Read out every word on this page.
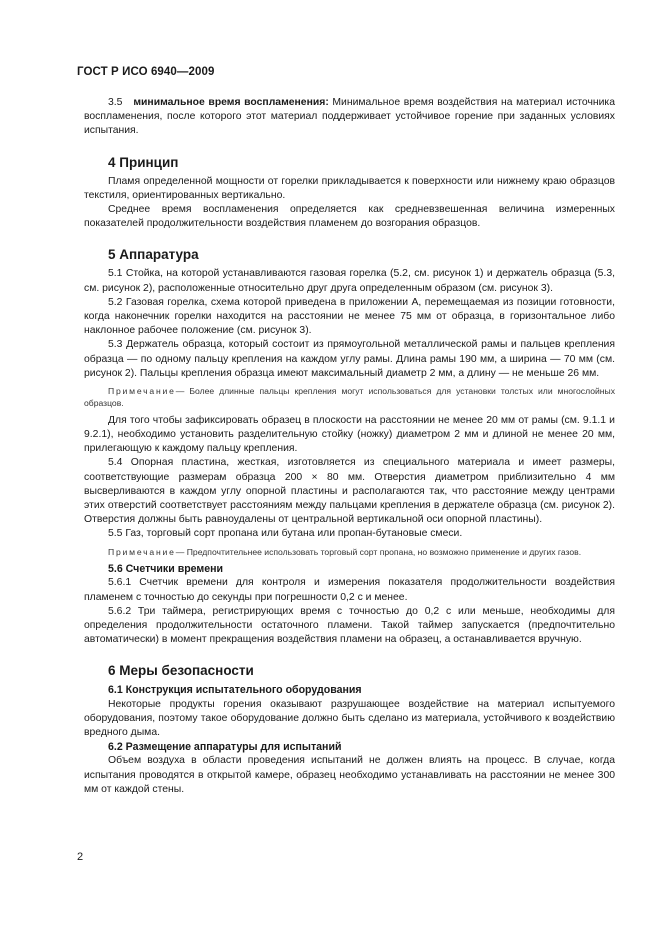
ГОСТ Р ИСО 6940—2009

3.5 минимальное время воспламенения: Минимальное время воздействия на материал источника воспламенения, после которого этот материал поддерживает устойчивое горение при заданных условиях испытания.

4 Принцип

Пламя определенной мощности от горелки прикладывается к поверхности или нижнему краю образцов текстиля, ориентированных вертикально.

Среднее время воспламенения определяется как средневзвешенная величина измеренных показателей продолжительности воздействия пламенем до возгорания образцов.

5 Аппаратура

5.1 Стойка, на которой устанавливаются газовая горелка (5.2, см. рисунок 1) и держатель образца (5.3, см. рисунок 2), расположенные относительно друг друга определенным образом (см. рисунок 3).

5.2 Газовая горелка, схема которой приведена в приложении А, перемещаемая из позиции готовности, когда наконечник горелки находится на расстоянии не менее 75 мм от образца, в горизонтальное либо наклонное рабочее положение (см. рисунок 3).

5.3 Держатель образца, который состоит из прямоугольной металлической рамы и пальцев крепления образца — по одному пальцу крепления на каждом углу рамы. Длина рамы 190 мм, а ширина — 70 мм (см. рисунок 2). Пальцы крепления образца имеют максимальный диаметр 2 мм, а длину — не меньше 26 мм.

Примечание— Более длинные пальцы крепления могут использоваться для установки толстых или многослойных образцов.

Для того чтобы зафиксировать образец в плоскости на расстоянии не менее 20 мм от рамы (см. 9.1.1 и 9.2.1), необходимо установить разделительную стойку (ножку) диаметром 2 мм и длиной не менее 20 мм, прилегающую к каждому пальцу крепления.

5.4 Опорная пластина, жесткая, изготовляется из специального материала и имеет размеры, соответствующие размерам образца 200 × 80 мм. Отверстия диаметром приблизительно 4 мм высверливаются в каждом углу опорной пластины и располагаются так, что расстояние между центрами этих отверстий соответствует расстояниям между пальцами крепления в держателе образца (см. рисунок 2). Отверстия должны быть равноудалены от центральной вертикальной оси опорной пластины).

5.5 Газ, торговый сорт пропана или бутана или пропан-бутановые смеси.

Примечание— Предпочтительнее использовать торговый сорт пропана, но возможно применение и других газов.

5.6 Счетчики времени

5.6.1 Счетчик времени для контроля и измерения показателя продолжительности воздействия пламенем с точностью до секунды при погрешности 0,2 с и менее.

5.6.2 Три таймера, регистрирующих время с точностью до 0,2 с или меньше, необходимы для определения продолжительности остаточного пламени. Такой таймер запускается (предпочтительно автоматически) в момент прекращения воздействия пламени на образец, а останавливается вручную.

6 Меры безопасности
6.1 Конструкция испытательного оборудования

Некоторые продукты горения оказывают разрушающее воздействие на материал испытуемого оборудования, поэтому такое оборудование должно быть сделано из материала, устойчивого к воздействию вредного дыма.

6.2 Размещение аппаратуры для испытаний

Объем воздуха в области проведения испытаний не должен влиять на процесс. В случае, когда испытания проводятся в открытой камере, образец необходимо устанавливать на расстоянии не менее 300 мм от каждой стены.

2
